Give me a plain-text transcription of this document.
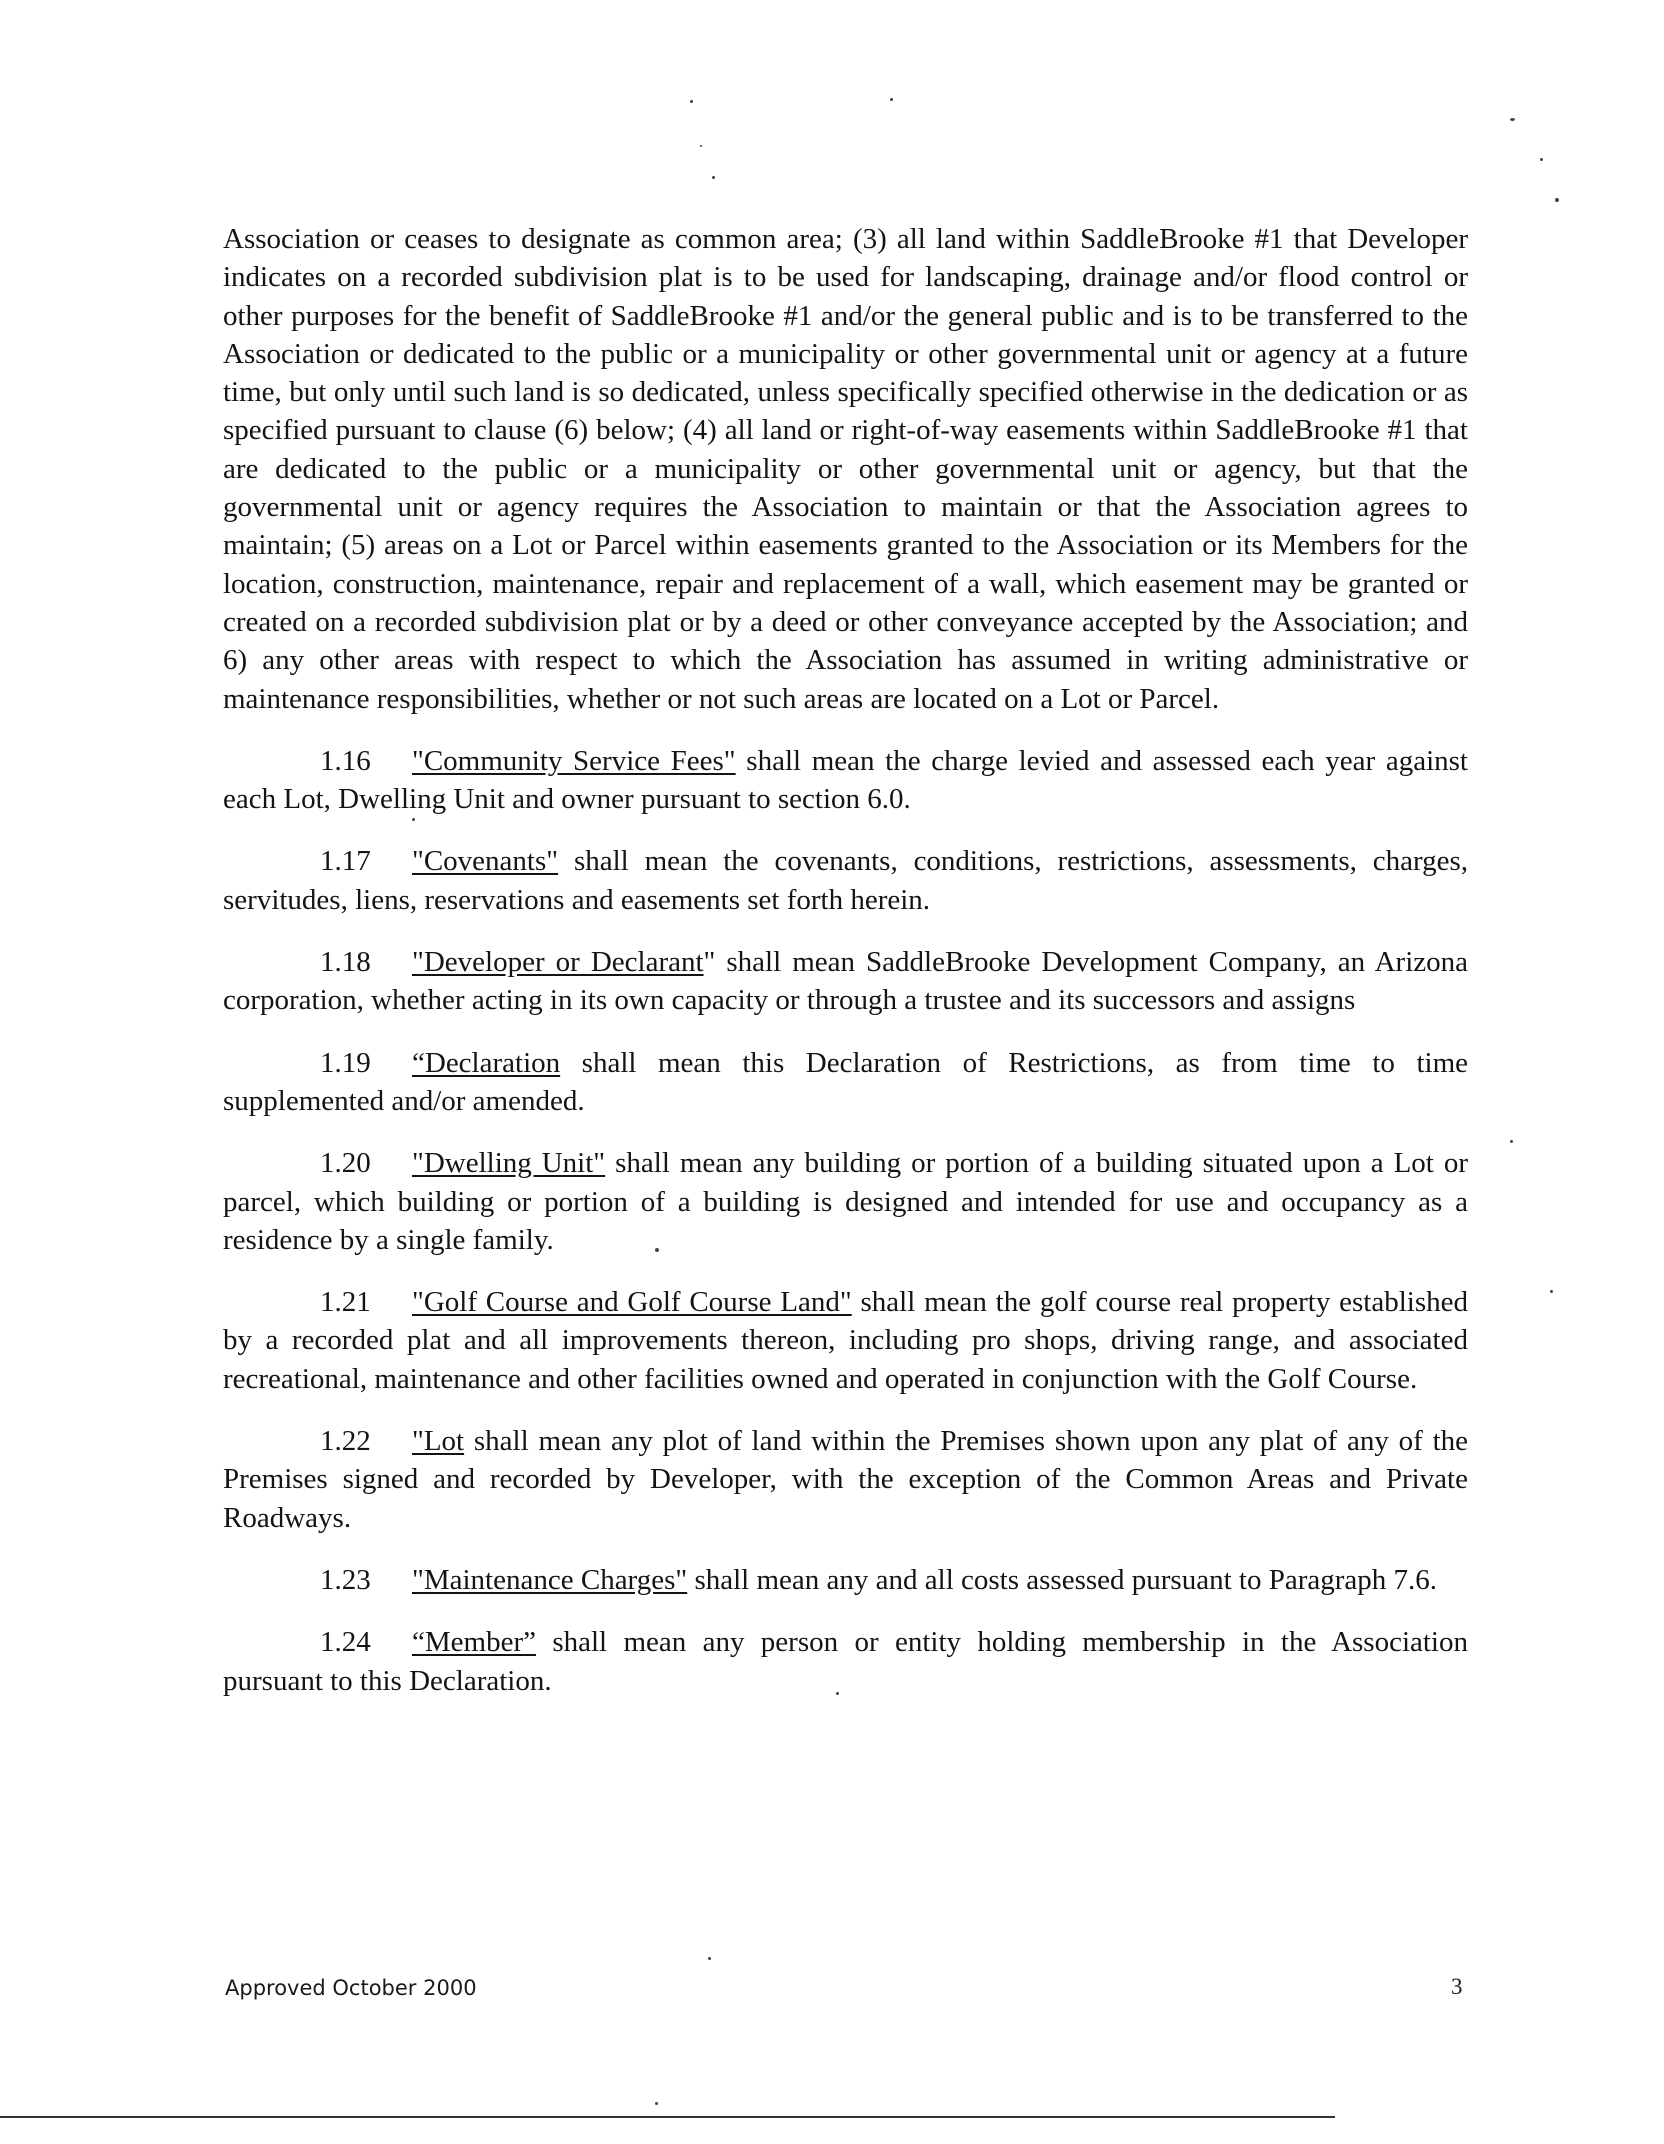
Association or ceases to designate as common area; (3) all land within SaddleBrooke #1 that Developer indicates on a recorded subdivision plat is to be used for landscaping, drainage and/or flood control or other purposes for the benefit of SaddleBrooke #1 and/or the general public and is to be transferred to the Association or dedicated to the public or a municipality or other governmental unit or agency at a future time, but only until such land is so dedicated, unless specifically specified otherwise in the dedication or as specified pursuant to clause (6) below; (4) all land or right-of-way easements within SaddleBrooke #1 that are dedicated to the public or a municipality or other governmental unit or agency, but that the governmental unit or agency requires the Association to maintain or that the Association agrees to maintain; (5) areas on a Lot or Parcel within easements granted to the Association or its Members for the location, construction, maintenance, repair and replacement of a wall, which easement may be granted or created on a recorded subdivision plat or by a deed or other conveyance accepted by the Association; and 6) any other areas with respect to which the Association has assumed in writing administrative or maintenance responsibilities, whether or not such areas are located on a Lot or Parcel.

1.16 "Community Service Fees" shall mean the charge levied and assessed each year against each Lot, Dwelling Unit and owner pursuant to section 6.0.

1.17 "Covenants" shall mean the covenants, conditions, restrictions, assessments, charges, servitudes, liens, reservations and easements set forth herein.

1.18 "Developer or Declarant" shall mean SaddleBrooke Development Company, an Arizona corporation, whether acting in its own capacity or through a trustee and its successors and assigns

1.19 “Declaration shall mean this Declaration of Restrictions, as from time to time supplemented and/or amended.

1.20 "Dwelling Unit" shall mean any building or portion of a building situated upon a Lot or parcel, which building or portion of a building is designed and intended for use and occupancy as a residence by a single family.

1.21 "Golf Course and Golf Course Land" shall mean the golf course real property established by a recorded plat and all improvements thereon, including pro shops, driving range, and associated recreational, maintenance and other facilities owned and operated in conjunction with the Golf Course.

1.22 "Lot shall mean any plot of land within the Premises shown upon any plat of any of the Premises signed and recorded by Developer, with the exception of the Common Areas and Private Roadways.

1.23 "Maintenance Charges" shall mean any and all costs assessed pursuant to Paragraph 7.6.

1.24 “Member” shall mean any person or entity holding membership in the Association pursuant to this Declaration.

Approved October 2000	3
